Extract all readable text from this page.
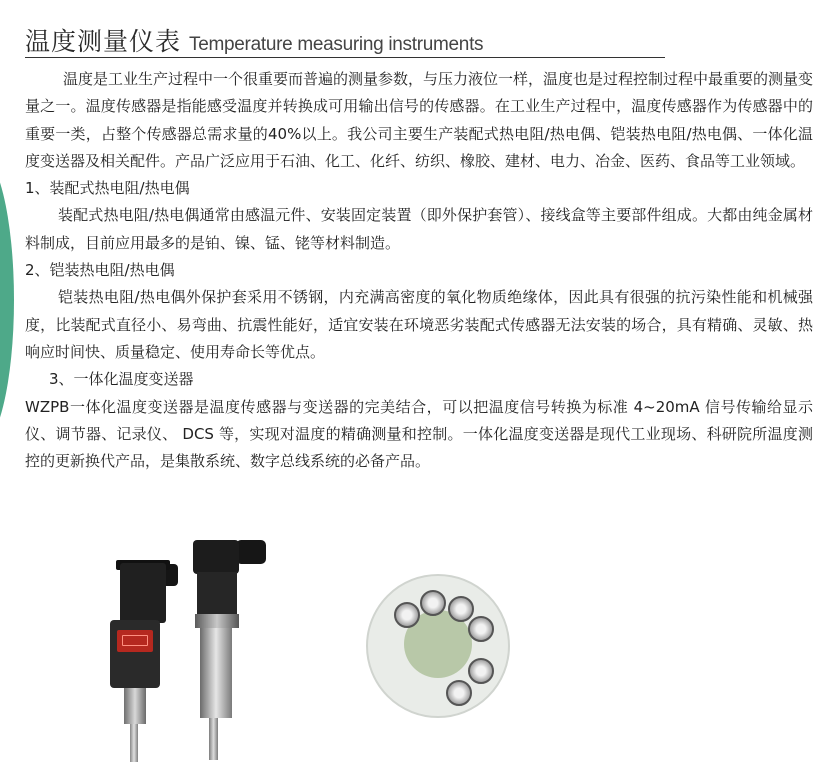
温度测量仪表 Temperature measuring instruments

温度是工业生产过程中一个很重要而普遍的测量参数，与压力液位一样，温度也是过程控制过程中最重要的测量变量之一。温度传感器是指能感受温度并转换成可用输出信号的传感器。在工业生产过程中，温度传感器作为传感器中的重要一类，占整个传感器总需求量的40%以上。我公司主要生产装配式热电阻/热电偶、铠装热电阻/热电偶、一体化温度变送器及相关配件。产品广泛应用于石油、化工、化纤、纺织、橡胶、建材、电力、冶金、医药、食品等工业领域。

1、装配式热电阻/热电偶

装配式热电阻/热电偶通常由感温元件、安装固定装置（即外保护套管）、接线盒等主要部件组成。大都由纯金属材料制成，目前应用最多的是铂、镍、锰、铑等材料制造。

2、铠装热电阻/热电偶

铠装热电阻/热电偶外保护套采用不锈钢，内充满高密度的氧化物质绝缘体，因此具有很强的抗污染性能和机械强度，比装配式直径小、易弯曲、抗震性能好，适宜安装在环境恶劣装配式传感器无法安装的场合，具有精确、灵敏、热响应时间快、质量稳定、使用寿命长等优点。

3、一体化温度变送器

WZPB一体化温度变送器是温度传感器与变送器的完美结合，可以把温度信号转换为标准 4~20mA 信号传输给显示仪、调节器、记录仪、 DCS 等，实现对温度的精确测量和控制。一体化温度变送器是现代工业现场、科研院所温度测控的更新换代产品，是集散系统、数字总线系统的必备产品。
